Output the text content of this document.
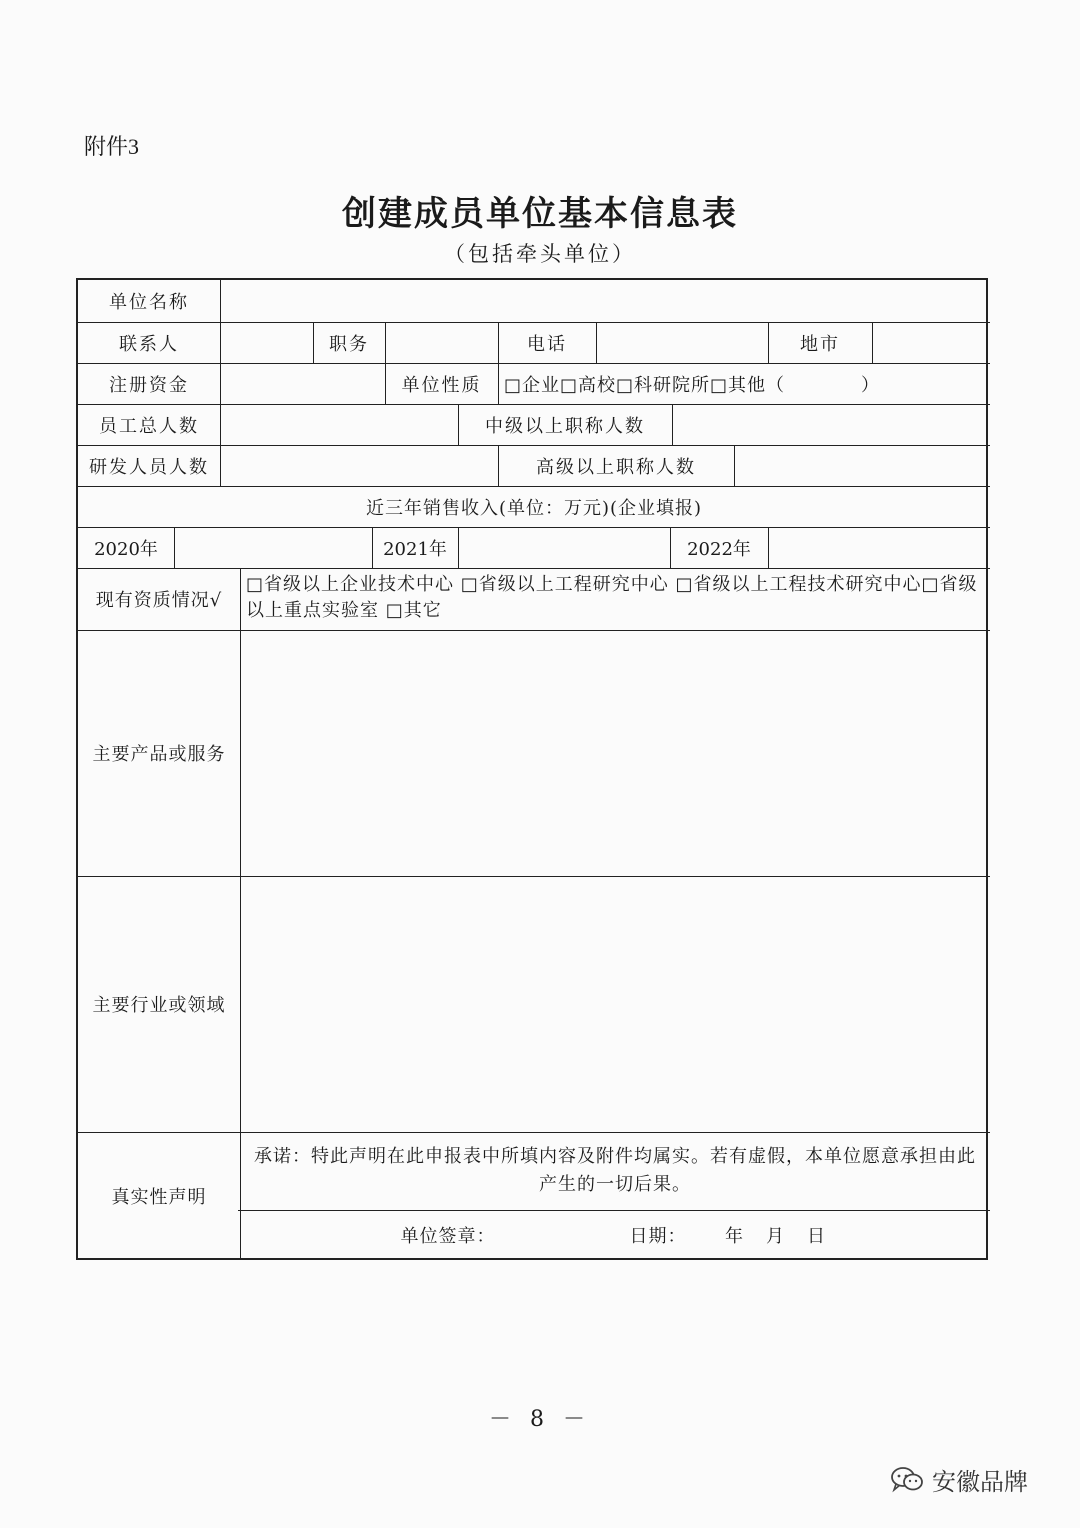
附件3
创建成员单位基本信息表
（包括牵头单位）
单位名称
联系人	职务	电话	地市
注册资金	单位性质	□企业□高校□科研院所□其他（　　　　）
员工总人数	中级以上职称人数
研发人员人数	高级以上职称人数
近三年销售收入(单位：万元)(企业填报)
2020年	2021年	2022年
现有资质情况√
□省级以上企业技术中心 □省级以上工程研究中心 □省级以上工程技术研究中心□省级以上重点实验室 □其它
主要产品或服务
主要行业或领域
真实性声明
承诺：特此声明在此申报表中所填内容及附件均属实。若有虚假，本单位愿意承担由此产生的一切后果。
单位签章：	日期：	年 月 日
－ 8 －
安徽品牌
